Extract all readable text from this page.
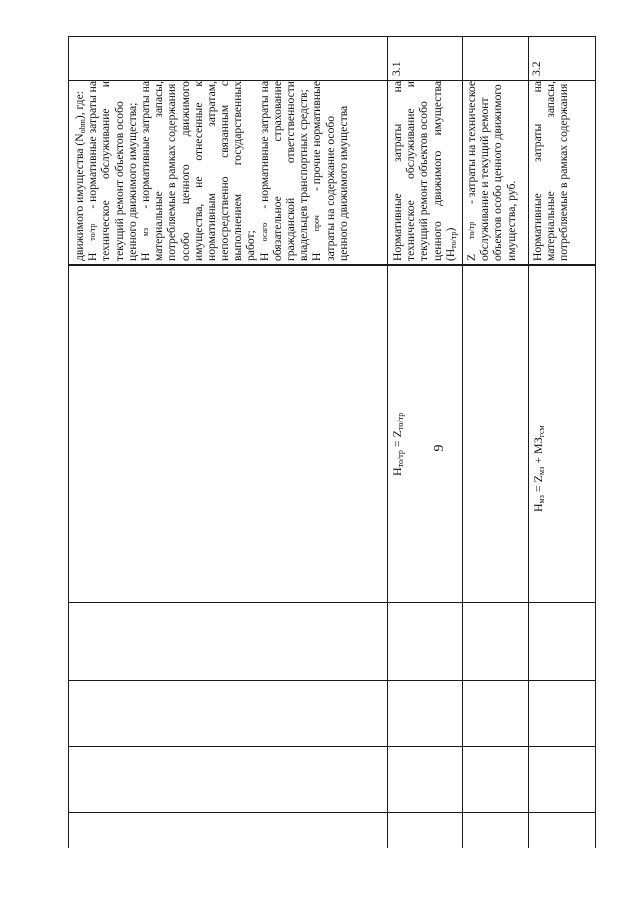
9
движимого имущества $(N_{obm})$, где:
Н
то/тр
- нормативные затраты на
техническое
обслуживание
и
текущий ремонт объектов особо ценного движимого имущества; Н
мз
- нормативные затраты на
материальные
запасы, потребляемые в рамках содержания особо
ценного
движимого
имущества,
не
отнесенные
к
нормативным
затратам,
непосредственно
связанным
с
выполнением
государственных
работ; Н
осаго
- нормативные затраты на
обязательное
страхование
гражданской
ответственности владельцев транспортных средств; Н
проч
- прочие нормативные затраты на содержание особо ценного движимого имущества	Нормативные
затраты
на
техническое
обслуживание
и
текущий ремонт объектов особо ценного
движимого
имущества
$(Н_{то/тр})$
Z
то/тр
- затраты на техническое обслуживание и текущий ремонт объектов особо ценного движимого имущества, руб. Нормативные
затраты
на
материальные
запасы, потребляемые в рамках содержания
3.1	3.2
$Н_{то/тр} = Z_{то/тр}$
$Н_{мз} = Z_{мз} + МЗ_{гсм}$
